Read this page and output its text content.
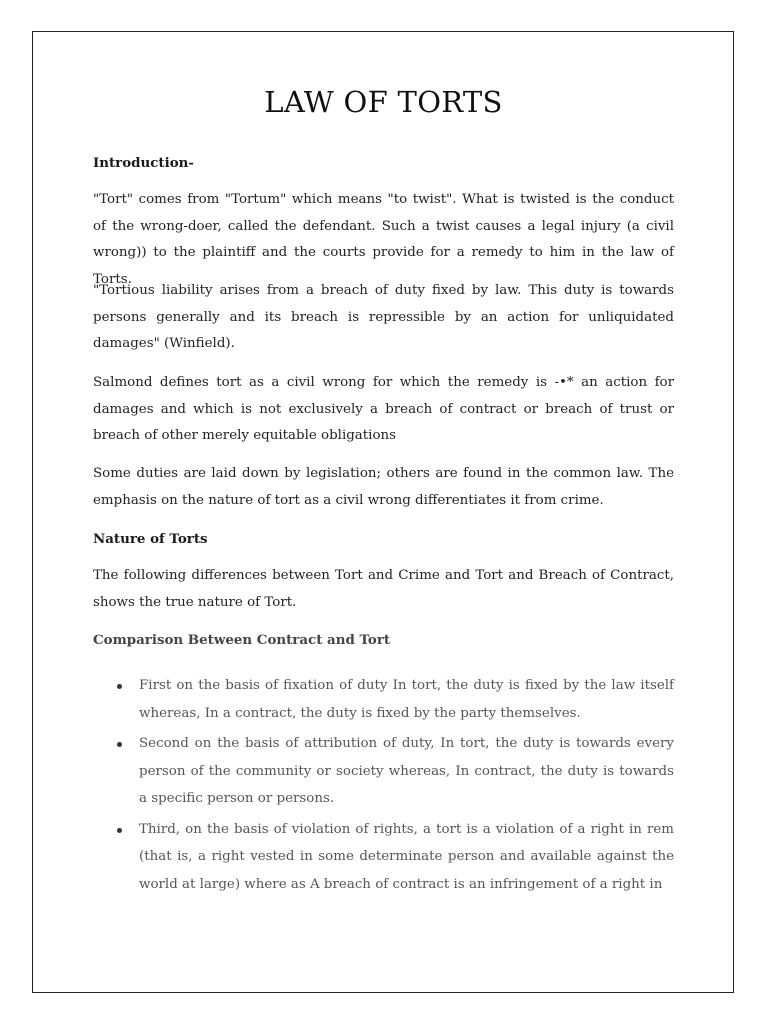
LAW OF TORTS
Introduction-

"Tort" comes from "Tortum" which means "to twist". What is twisted is the conduct of the wrong-doer, called the defendant. Such a twist causes a legal injury (a civil wrong)) to the plaintiff and the courts provide for a remedy to him in the law of Torts.

"Tortious liability arises from a breach of duty fixed by law. This duty is towards persons generally and its breach is repressible by an action for unliquidated damages" (Winfield).

Salmond defines tort as a civil wrong for which the remedy is -•* an action for damages and which is not exclusively a breach of contract or breach of trust or breach of other merely equitable obligations

Some duties are laid down by legislation; others are found in the common law. The emphasis on the nature of tort as a civil wrong differentiates it from crime.

Nature of Torts

The following differences between Tort and Crime and Tort and Breach of Contract, shows the true nature of Tort.

Comparison Between Contract and Tort
First on the basis of fixation of duty In tort, the duty is fixed by the law itself whereas, In a contract, the duty is fixed by the party themselves.
Second on the basis of attribution of duty, In tort, the duty is towards every person of the community or society whereas, In contract, the duty is towards a specific person or persons.
Third, on the basis of violation of rights, a tort is a violation of a right in rem (that is, a right vested in some determinate person and available against the world at large) where as A breach of contract is an infringement of a right in
